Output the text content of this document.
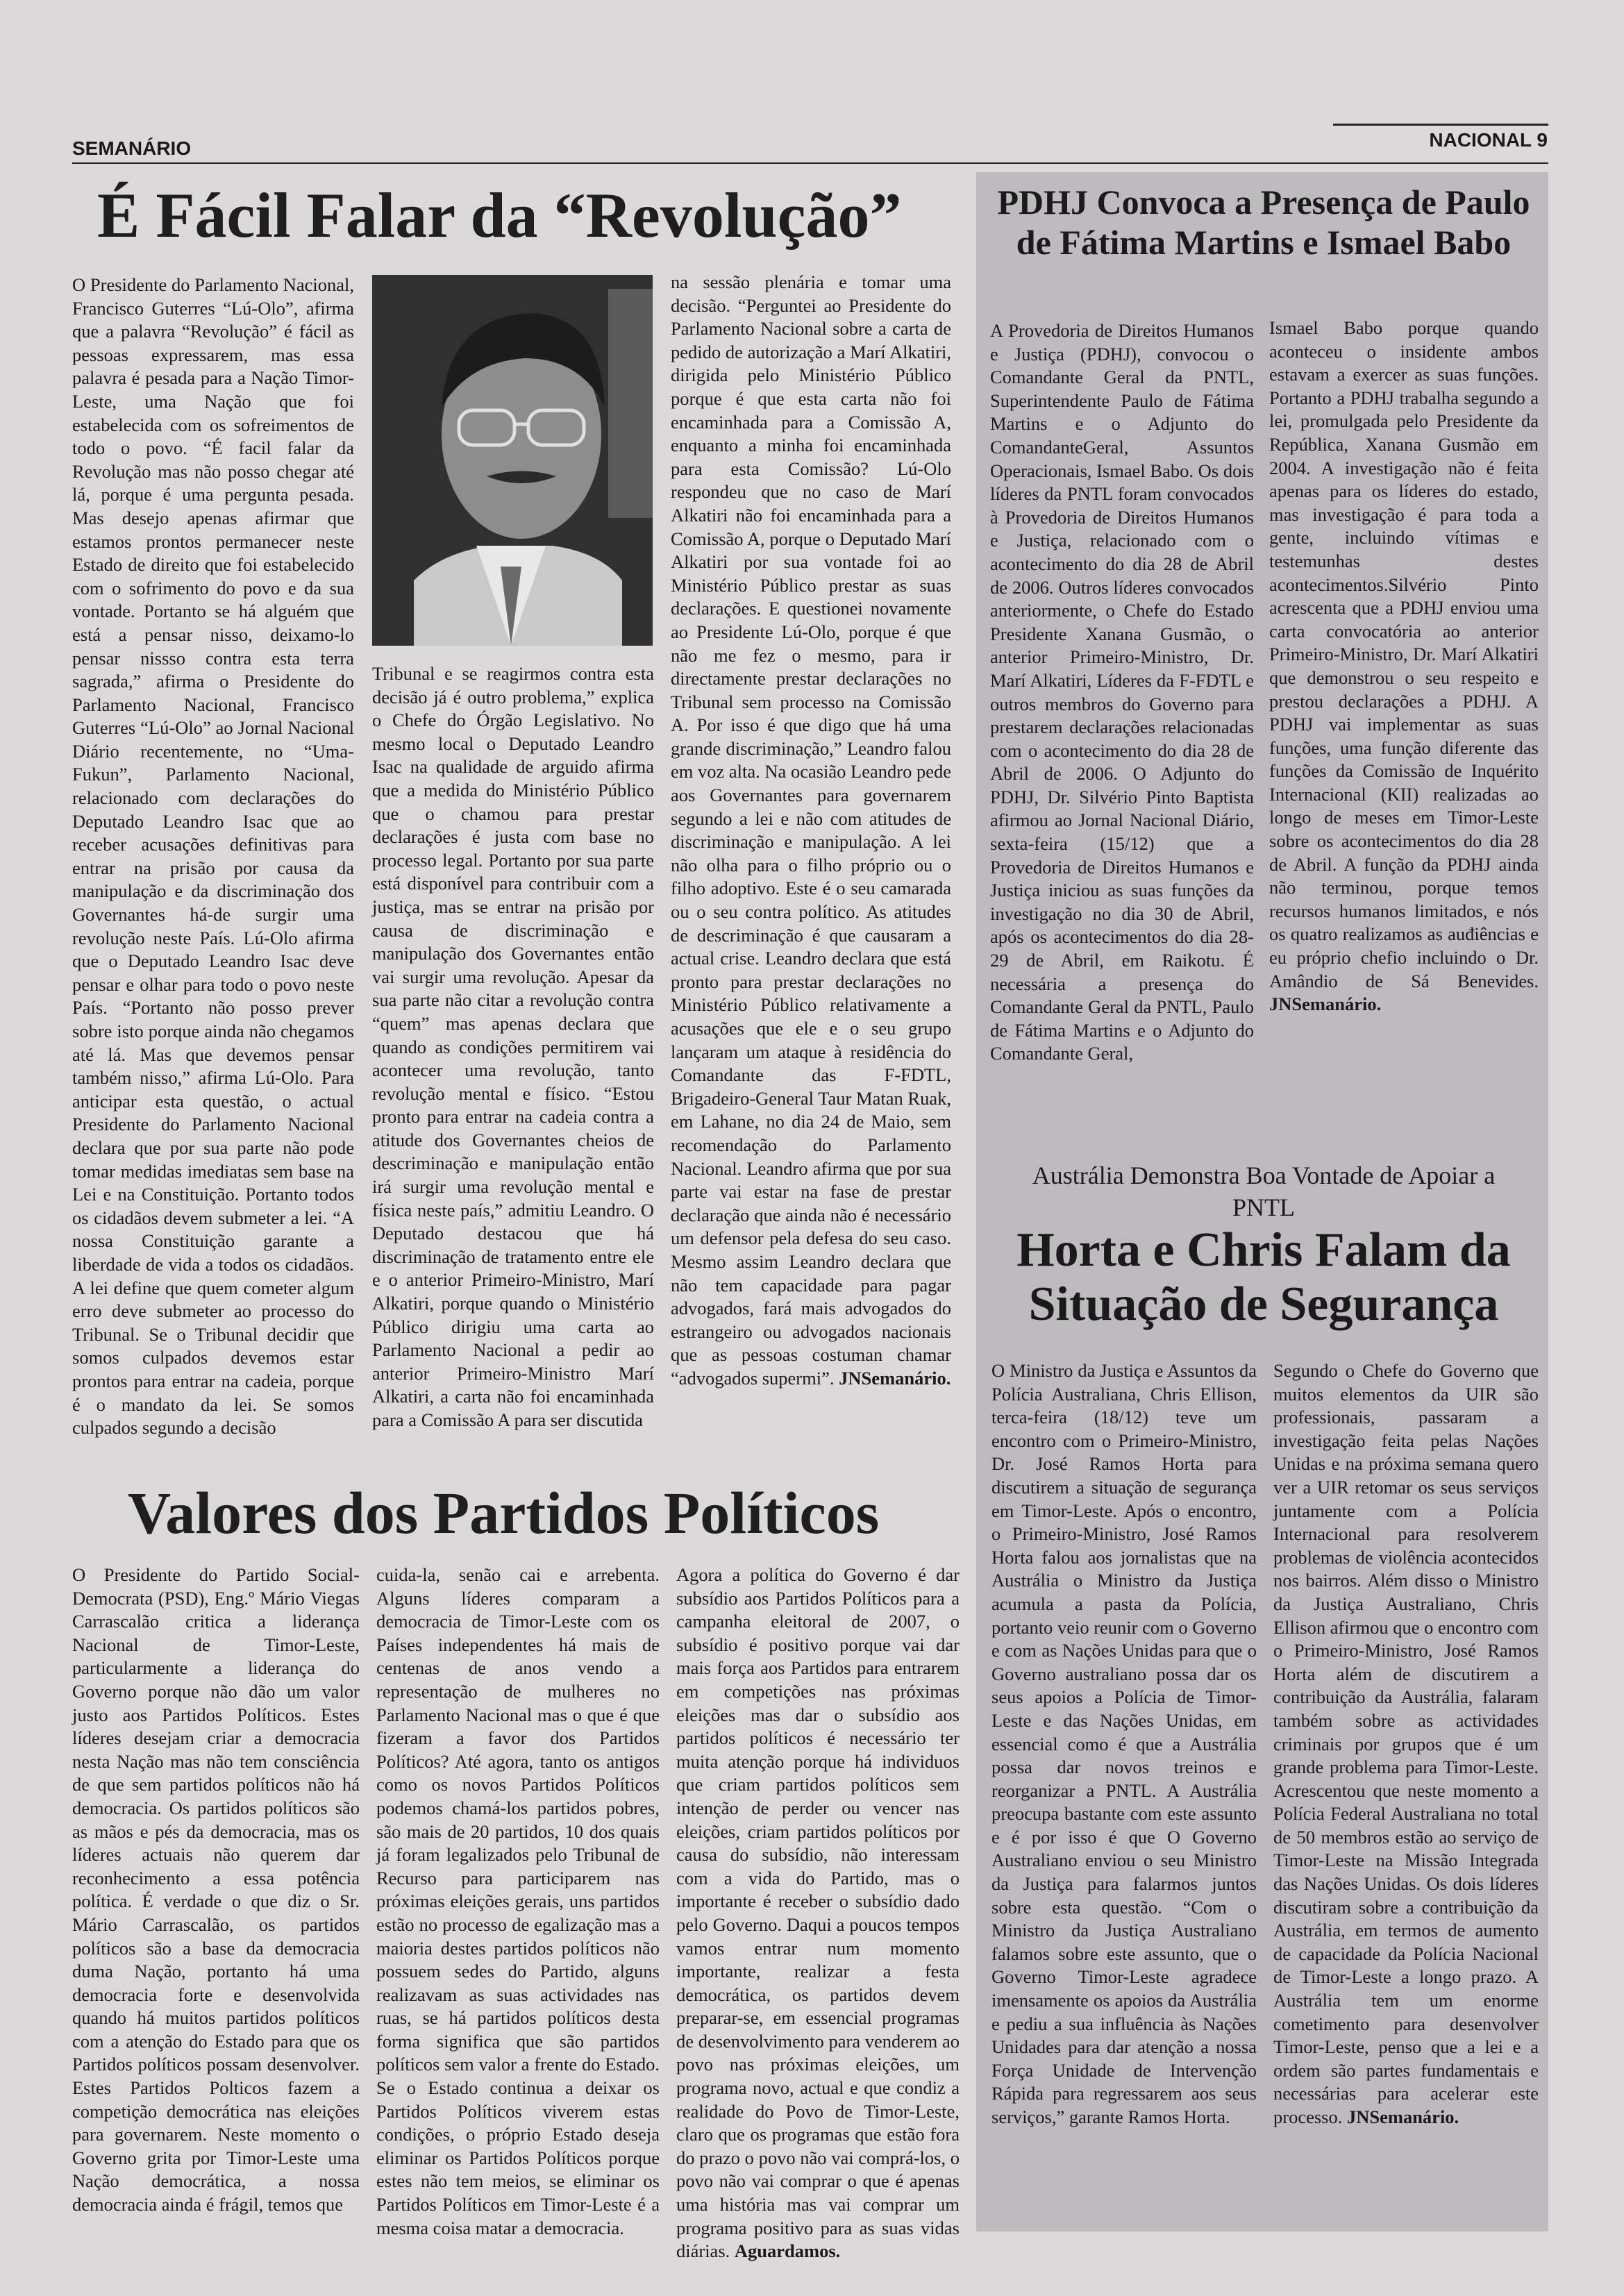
SEMANÁRIO	NACIONAL 9
É Fácil Falar da “Revolução”

O Presidente do Parlamento Nacional, Francisco Guterres “Lú-Olo”, afirma que a palavra “Revolução” é fácil as pessoas expressarem, mas essa palavra é pesada para a Nação Timor-Leste, uma Nação que foi estabelecida com os sofreimentos de todo o povo. “É facil falar da Revolução mas não posso chegar até lá, porque é uma pergunta pesada. Mas desejo apenas afirmar que estamos prontos permanecer neste Estado de direito que foi estabelecido com o sofrimento do povo e da sua vontade. Portanto se há alguém que está a pensar nisso, deixamo-lo pensar nissso contra esta terra sagrada,” afirma o Presidente do Parlamento Nacional, Francisco Guterres “Lú-Olo” ao Jornal Nacional Diário recentemente, no “Uma-Fukun”, Parlamento Nacional, relacionado com declarações do Deputado Leandro Isac que ao receber acusações definitivas para entrar na prisão por causa da manipulação e da discriminação dos Governantes há-de surgir uma revolução neste País. Lú-Olo afirma que o Deputado Leandro Isac deve pensar e olhar para todo o povo neste País. “Portanto não posso prever sobre isto porque ainda não chegamos até lá. Mas que devemos pensar também nisso,” afirma Lú-Olo. Para anticipar esta questão, o actual Presidente do Parlamento Nacional declara que por sua parte não pode tomar medidas imediatas sem base na Lei e na Constituição. Portanto todos os cidadãos devem submeter a lei. “A nossa Constituição garante a liberdade de vida a todos os cidadãos. A lei define que quem cometer algum erro deve submeter ao processo do Tribunal. Se o Tribunal decidir que somos culpados devemos estar prontos para entrar na cadeia, porque é o mandato da lei. Se somos culpados segundo a decisão

Tribunal e se reagirmos contra esta decisão já é outro problema,” explica o Chefe do Órgão Legislativo. No mesmo local o Deputado Leandro Isac na qualidade de arguido afirma que a medida do Ministério Público que o chamou para prestar declarações é justa com base no processo legal. Portanto por sua parte está disponível para contribuir com a justiça, mas se entrar na prisão por causa de discriminação e manipulação dos Governantes então vai surgir uma revolução. Apesar da sua parte não citar a revolução contra “quem” mas apenas declara que quando as condições permitirem vai acontecer uma revolução, tanto revolução mental e físico. “Estou pronto para entrar na cadeia contra a atitude dos Governantes cheios de descriminação e manipulação então irá surgir uma revolução mental e física neste país,” admitiu Leandro. O Deputado destacou que há discriminação de tratamento entre ele e o anterior Primeiro-Ministro, Marí Alkatiri, porque quando o Ministério Público dirigiu uma carta ao Parlamento Nacional a pedir ao anterior Primeiro-Ministro Marí Alkatiri, a carta não foi encaminhada para a Comissão A para ser discutida

na sessão plenária e tomar uma decisão. “Perguntei ao Presidente do Parlamento Nacional sobre a carta de pedido de autorização a Marí Alkatiri, dirigida pelo Ministério Público porque é que esta carta não foi encaminhada para a Comissão A, enquanto a minha foi encaminhada para esta Comissão? Lú-Olo respondeu que no caso de Marí Alkatiri não foi encaminhada para a Comissão A, porque o Deputado Marí Alkatiri por sua vontade foi ao Ministério Público prestar as suas declarações. E questionei novamente ao Presidente Lú-Olo, porque é que não me fez o mesmo, para ir directamente prestar declarações no Tribunal sem processo na Comissão A. Por isso é que digo que há uma grande discriminação,” Leandro falou em voz alta. Na ocasião Leandro pede aos Governantes para governarem segundo a lei e não com atitudes de discriminação e manipulação. A lei não olha para o filho próprio ou o filho adoptivo. Este é o seu camarada ou o seu contra político. As atitudes de descriminação é que causaram a actual crise. Leandro declara que está pronto para prestar declarações no Ministério Público relativamente a acusações que ele e o seu grupo lançaram um ataque à residência do Comandante das F-FDTL, Brigadeiro-General Taur Matan Ruak, em Lahane, no dia 24 de Maio, sem recomendação do Parlamento Nacional. Leandro afirma que por sua parte vai estar na fase de prestar declaração que ainda não é necessário um defensor pela defesa do seu caso. Mesmo assim Leandro declara que não tem capacidade para pagar advogados, fará mais advogados do estrangeiro ou advogados nacionais que as pessoas costuman chamar “advogados supermi”. JNSemanário.

Valores dos Partidos Políticos

O Presidente do Partido Social-Democrata (PSD), Eng.º Mário Viegas Carrascalão critica a liderança Nacional de Timor-Leste, particularmente a liderança do Governo porque não dão um valor justo aos Partidos Políticos. Estes líderes desejam criar a democracia nesta Nação mas não tem consciência de que sem partidos políticos não há democracia. Os partidos políticos são as mãos e pés da democracia, mas os líderes actuais não querem dar reconhecimento a essa potência política. É verdade o que diz o Sr. Mário Carrascalão, os partidos políticos são a base da democracia duma Nação, portanto há uma democracia forte e desenvolvida quando há muitos partidos políticos com a atenção do Estado para que os Partidos políticos possam desenvolver. Estes Partidos Polticos fazem a competição democrática nas eleições para governarem. Neste momento o Governo grita por Timor-Leste uma Nação democrática, a nossa democracia ainda é frágil, temos que

cuida-la, senão cai e arrebenta. Alguns líderes comparam a democracia de Timor-Leste com os Países independentes há mais de centenas de anos vendo a representação de mulheres no Parlamento Nacional mas o que é que fizeram a favor dos Partidos Políticos? Até agora, tanto os antigos como os novos Partidos Políticos podemos chamá-los partidos pobres, são mais de 20 partidos, 10 dos quais já foram legalizados pelo Tribunal de Recurso para participarem nas próximas eleições gerais, uns partidos estão no processo de egalização mas a maioria destes partidos políticos não possuem sedes do Partido, alguns realizavam as suas actividades nas ruas, se há partidos políticos desta forma significa que são partidos políticos sem valor a frente do Estado. Se o Estado continua a deixar os Partidos Políticos viverem estas condições, o próprio Estado deseja eliminar os Partidos Políticos porque estes não tem meios, se eliminar os Partidos Políticos em Timor-Leste é a mesma coisa matar a democracia.

Agora a política do Governo é dar subsídio aos Partidos Políticos para a campanha eleitoral de 2007, o subsídio é positivo porque vai dar mais força aos Partidos para entrarem em competições nas próximas eleições mas dar o subsídio aos partidos políticos é necessário ter muita atenção porque há individuos que criam partidos políticos sem intenção de perder ou vencer nas eleições, criam partidos políticos por causa do subsídio, não interessam com a vida do Partido, mas o importante é receber o subsídio dado pelo Governo. Daqui a poucos tempos vamos entrar num momento importante, realizar a festa democrática, os partidos devem preparar-se, em essencial programas de desenvolvimento para venderem ao povo nas próximas eleições, um programa novo, actual e que condiz a realidade do Povo de Timor-Leste, claro que os programas que estão fora do prazo o povo não vai comprá-los, o povo não vai comprar o que é apenas uma história mas vai comprar um programa positivo para as suas vidas diárias. Aguardamos.

PDHJ Convoca a Presença de Paulo de Fátima Martins e Ismael Babo

A Provedoria de Direitos Humanos e Justiça (PDHJ), convocou o Comandante Geral da PNTL, Superintendente Paulo de Fátima Martins e o Adjunto do ComandanteGeral, Assuntos Operacionais, Ismael Babo. Os dois líderes da PNTL foram convocados à Provedoria de Direitos Humanos e Justiça, relacionado com o acontecimento do dia 28 de Abril de 2006. Outros líderes convocados anteriormente, o Chefe do Estado Presidente Xanana Gusmão, o anterior Primeiro-Ministro, Dr. Marí Alkatiri, Líderes da F-FDTL e outros membros do Governo para prestarem declarações relacionadas com o acontecimento do dia 28 de Abril de 2006. O Adjunto do PDHJ, Dr. Silvério Pinto Baptista afirmou ao Jornal Nacional Diário, sexta-feira (15/12) que a Provedoria de Direitos Humanos e Justiça iniciou as suas funções da investigação no dia 30 de Abril, após os acontecimentos do dia 28-29 de Abril, em Raikotu. É necessária a presença do Comandante Geral da PNTL, Paulo de Fátima Martins e o Adjunto do Comandante Geral,

Ismael Babo porque quando aconteceu o insidente ambos estavam a exercer as suas funções. Portanto a PDHJ trabalha segundo a lei, promulgada pelo Presidente da República, Xanana Gusmão em 2004. A investigação não é feita apenas para os líderes do estado, mas investigação é para toda a gente, incluindo vítimas e testemunhas destes acontecimentos.Silvério Pinto acrescenta que a PDHJ enviou uma carta convocatória ao anterior Primeiro-Ministro, Dr. Marí Alkatiri que demonstrou o seu respeito e prestou declarações a PDHJ. A PDHJ vai implementar as suas funções, uma função diferente das funções da Comissão de Inquérito Internacional (KII) realizadas ao longo de meses em Timor-Leste sobre os acontecimentos do dia 28 de Abril. A função da PDHJ ainda não terminou, porque temos recursos humanos limitados, e nós os quatro realizamos as auđiências e eu próprio chefio incluindo o Dr. Amândio de Sá Benevides. JNSemanário.

Austrália Demonstra Boa Vontade de Apoiar a PNTL
Horta e Chris Falam da Situação de Segurança

O Ministro da Justiça e Assuntos da Polícia Australiana, Chris Ellison, terca-feira (18/12) teve um encontro com o Primeiro-Ministro, Dr. José Ramos Horta para discutirem a situação de segurança em Timor-Leste. Após o encontro, o Primeiro-Ministro, José Ramos Horta falou aos jornalistas que na Austrália o Ministro da Justiça acumula a pasta da Polícia, portanto veio reunir com o Governo e com as Nações Unidas para que o Governo australiano possa dar os seus apoios a Polícia de Timor-Leste e das Nações Unidas, em essencial como é que a Austrália possa dar novos treinos e reorganizar a PNTL. A Austrália preocupa bastante com este assunto e é por isso é que O Governo Australiano enviou o seu Ministro da Justiça para falarmos juntos sobre esta questão. “Com o Ministro da Justiça Australiano falamos sobre este assunto, que o Governo Timor-Leste agradece imensamente os apoios da Austrália e pediu a sua influência às Nações Unidades para dar atenção a nossa Força Unidade de Intervenção Rápida para regressarem aos seus serviços,” garante Ramos Horta.

Segundo o Chefe do Governo que muitos elementos da UIR são professionais, passaram a investigação feita pelas Nações Unidas e na próxima semana quero ver a UIR retomar os seus serviços juntamente com a Polícia Internacional para resolverem problemas de violência acontecidos nos bairros. Além disso o Ministro da Justiça Australiano, Chris Ellison afirmou que o encontro com o Primeiro-Ministro, José Ramos Horta além de discutirem a contribuição da Austrália, falaram também sobre as actividades criminais por grupos que é um grande problema para Timor-Leste. Acrescentou que neste momento a Polícia Federal Australiana no total de 50 membros estão ao serviço de Timor-Leste na Missão Integrada das Nações Unidas. Os dois líderes discutiram sobre a contribuição da Austrália, em termos de aumento de capacidade da Polícia Nacional de Timor-Leste a longo prazo. A Austrália tem um enorme cometimento para desenvolver Timor-Leste, penso que a lei e a ordem são partes fundamentais e necessárias para acelerar este processo. JNSemanário.
